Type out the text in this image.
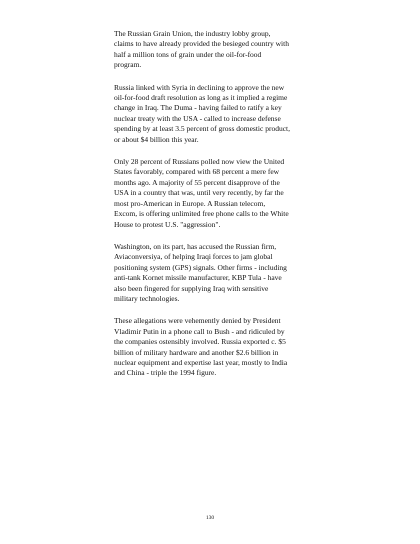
The Russian Grain Union, the industry lobby group,
claims to have already provided the besieged country with
half a million tons of grain under the oil-for-food
program.

Russia linked with Syria in declining to approve the new
oil-for-food draft resolution as long as it implied a regime
change in Iraq. The Duma - having failed to ratify a key
nuclear treaty with the USA - called to increase defense
spending by at least 3.5 percent of gross domestic product,
or about $4 billion this year.

Only 28 percent of Russians polled now view the United
States favorably, compared with 68 percent a mere few
months ago. A majority of 55 percent disapprove of the
USA in a country that was, until very recently, by far the
most pro-American in Europe. A Russian telecom,
Excom, is offering unlimited free phone calls to the White
House to protest U.S. "aggression".

Washington, on its part, has accused the Russian firm,
Aviaconversiya, of helping Iraqi forces to jam global
positioning system (GPS) signals. Other firms - including
anti-tank Kornet missile manufacturer, KBP Tula - have
also been fingered for supplying Iraq with sensitive
military technologies.

These allegations were vehemently denied by President
Vladimir Putin in a phone call to Bush - and ridiculed by
the companies ostensibly involved. Russia exported c. $5
billion of military hardware and another $2.6 billion in
nuclear equipment and expertise last year, mostly to India
and China - triple the 1994 figure.

130
